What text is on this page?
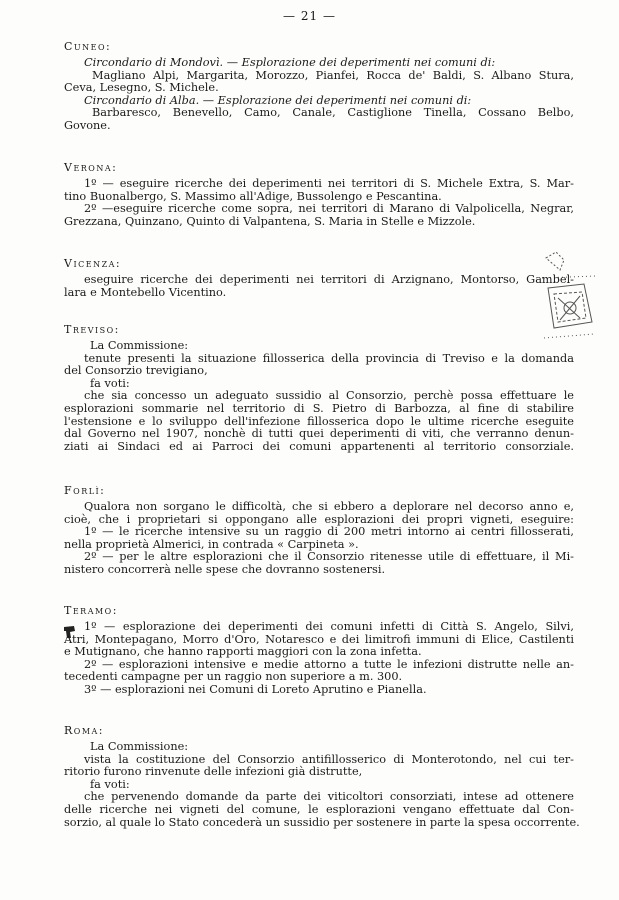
— 21 —
Cuneo:
Circondario di Mondovì. — Esplorazione dei deperimenti nei comuni di:
Magliano Alpi, Margarita, Morozzo, Pianfei, Rocca de' Baldi, S. Albano Stura,
Ceva, Lesegno, S. Michele.
Circondario di Alba. — Esplorazione dei deperimenti nei comuni di:
Barbaresco, Benevello, Camo, Canale, Castiglione Tinella, Cossano Belbo,
Govone.
Verona:
1º — eseguire ricerche dei deperimenti nei territori di S. Michele Extra, S. Mar-
tino Buonalbergo, S. Massimo all'Adige, Bussolengo e Pescantina.
2º —eseguire ricerche come sopra, nei territori di Marano di Valpolicella, Negrar,
Grezzana, Quinzano, Quinto di Valpantena, S. Maria in Stelle e Mizzole.
Vicenza:
eseguire ricerche dei deperimenti nei territori di Arzignano, Montorso, Gambel-
lara e Montebello Vicentino.
Treviso:
La Commissione:
tenute presenti la situazione fillosserica della provincia di Treviso e la domanda
del Consorzio trevigiano,
fa voti:
che sia concesso un adeguato sussidio al Consorzio, perchè possa effettuare le
esplorazioni sommarie nel territorio di S. Pietro di Barbozza, al fine di stabilire
l'estensione e lo sviluppo dell'infezione fillosserica dopo le ultime ricerche eseguite
dal Governo nel 1907, nonchè di tutti quei deperimenti di viti, che verranno denun-
ziati ai Sindaci ed ai Parroci dei comuni appartenenti al territorio consorziale.
Forlì:
Qualora non sorgano le difficoltà, che si ebbero a deplorare nel decorso anno e,
cioè, che i proprietari si oppongano alle esplorazioni dei propri vigneti, eseguire:
1º — le ricerche intensive su un raggio di 200 metri intorno ai centri fillosserati,
nella proprietà Almerici, in contrada « Carpineta ».
2º — per le altre esplorazioni che il Consorzio ritenesse utile di effettuare, il Mi-
nistero concorrerà nelle spese che dovranno sostenersi.
Teramo:
1º — esplorazione dei deperimenti dei comuni infetti di Città S. Angelo, Silvi,
Atri, Montepagano, Morro d'Oro, Notaresco e dei limitrofi immuni di Elice, Castilenti
e Mutignano, che hanno rapporti maggiori con la zona infetta.
2º — esplorazioni intensive e medie attorno a tutte le infezioni distrutte nelle an-
tecedenti campagne per un raggio non superiore a m. 300.
3º — esplorazioni nei Comuni di Loreto Aprutino e Pianella.
Roma:
La Commissione:
vista la costituzione del Consorzio antifillosserico di Monterotondo, nel cui ter-
ritorio furono rinvenute delle infezioni già distrutte,
fa voti:
che pervenendo domande da parte dei viticoltori consorziati, intese ad ottenere
delle ricerche nei vigneti del comune, le esplorazioni vengano effettuate dal Con-
sorzio, al quale lo Stato concederà un sussidio per sostenere in parte la spesa occorrente.
